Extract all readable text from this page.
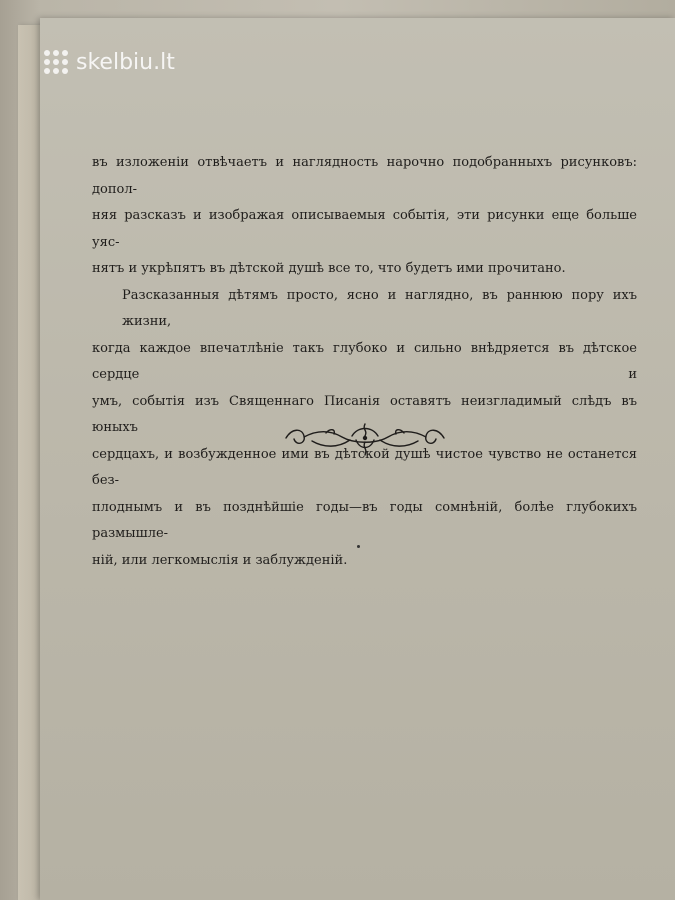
skelbiu.lt
въ изложенiи отвѣчаетъ и наглядность нарочно подобранныхъ рисунковъ: допол-
няя разсказъ и изображая описываемыя событiя, эти рисунки еще больше уяс-
нятъ и укрѣпятъ въ дѣтской душѣ все то, что будетъ ими прочитано.
Разсказанныя дѣтямъ просто, ясно и наглядно, въ раннюю пору ихъ жизни,
когда каждое впечатлѣнiе такъ глубоко и сильно внѣдряется въ дѣтское сердце и
умъ, событiя изъ Священнаго Писанiя оставятъ неизгладимый слѣдъ въ юныхъ
сердцахъ, и возбужденное ими въ дѣтской душѣ чистое чувство не останется без-
плоднымъ и въ позднѣйшiе годы—въ годы сомнѣнiй, болѣе глубокихъ размышле-
нiй, или легкомыслiя и заблужденiй.
